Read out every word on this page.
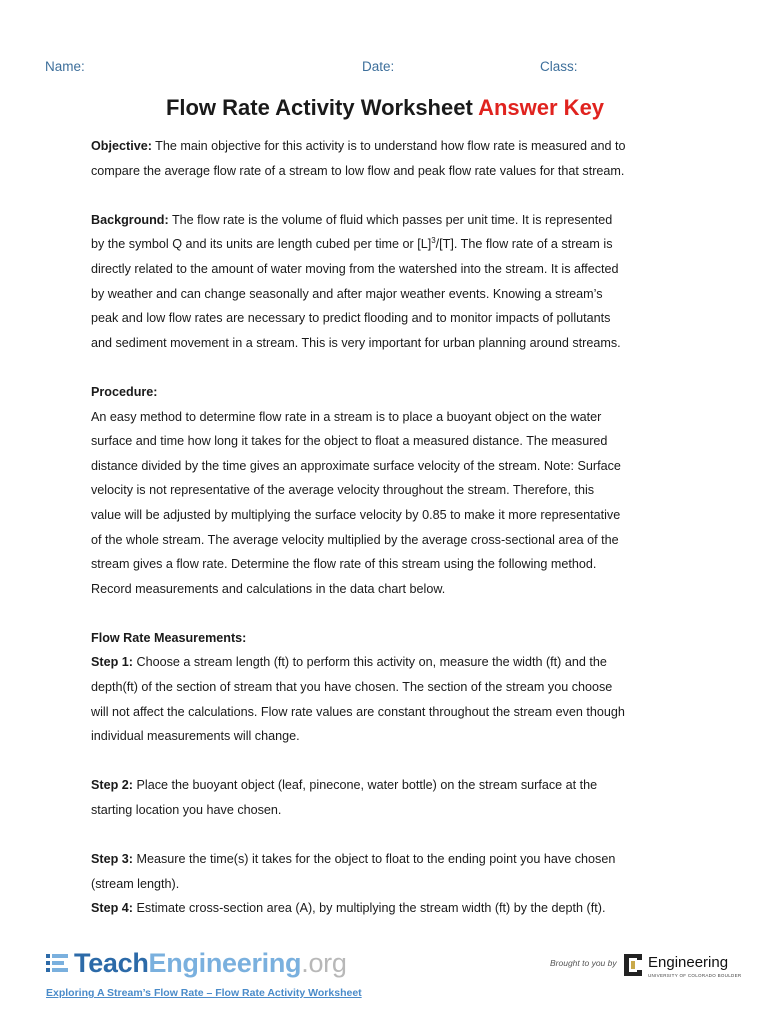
Name:	Date:	Class:
Flow Rate Activity Worksheet Answer Key

Objective: The main objective for this activity is to understand how flow rate is measured and to

compare the average flow rate of a stream to low flow and peak flow rate values for that stream.

Background: The flow rate is the volume of fluid which passes per unit time. It is represented

by the symbol Q and its units are length cubed per time or $[L]^3/[T]$. The flow rate of a stream is

directly related to the amount of water moving from the watershed into the stream. It is affected

by weather and can change seasonally and after major weather events. Knowing a stream’s

peak and low flow rates are necessary to predict flooding and to monitor impacts of pollutants

and sediment movement in a stream. This is very important for urban planning around streams.

Procedure:

An easy method to determine flow rate in a stream is to place a buoyant object on the water

surface and time how long it takes for the object to float a measured distance. The measured

distance divided by the time gives an approximate surface velocity of the stream. Note: Surface

velocity is not representative of the average velocity throughout the stream. Therefore, this

value will be adjusted by multiplying the surface velocity by 0.85 to make it more representative

of the whole stream. The average velocity multiplied by the average cross-sectional area of the

stream gives a flow rate. Determine the flow rate of this stream using the following method.

Record measurements and calculations in the data chart below.

Flow Rate Measurements:

Step 1: Choose a stream length (ft) to perform this activity on, measure the width (ft) and the

depth(ft) of the section of stream that you have chosen. The section of the stream you choose

will not affect the calculations. Flow rate values are constant throughout the stream even though

individual measurements will change.

Step 2: Place the buoyant object (leaf, pinecone, water bottle) on the stream surface at the

starting location you have chosen.

Step 3: Measure the time(s) it takes for the object to float to the ending point you have chosen

(stream length).

Step 4: Estimate cross-section area (A), by multiplying the stream width (ft) by the depth (ft).

TeachEngineering.org	Brought to you by Engineering
UNIVERSITY OF COLORADO BOULDER
Exploring A Stream’s Flow Rate – Flow Rate Activity Worksheet
